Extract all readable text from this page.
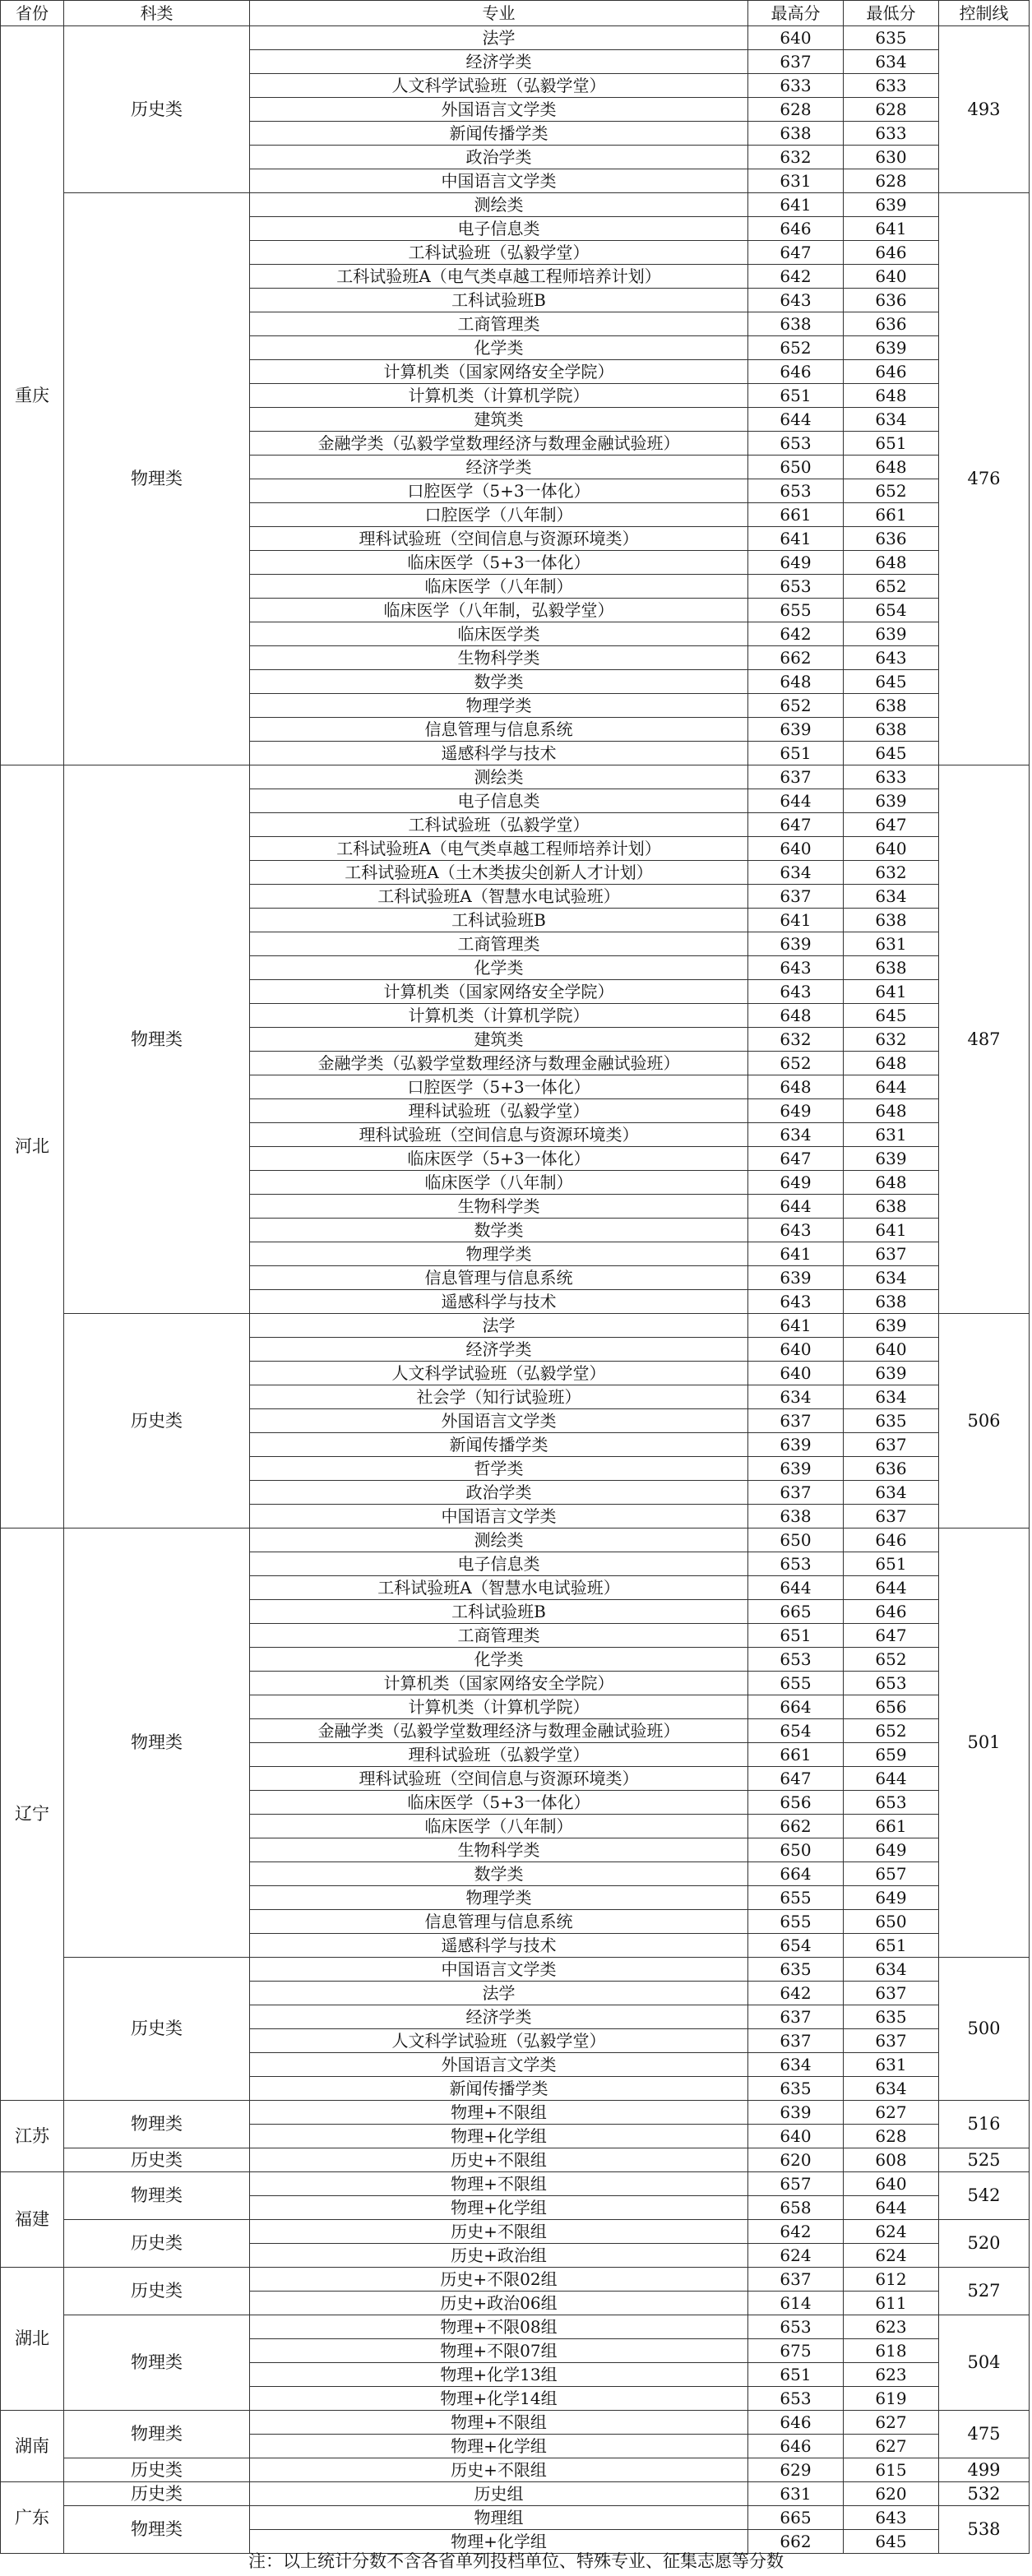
省份	科类	专业	最高分	最低分	控制线
重庆	历史类	法学	640	635	493
		经济学类	637	634	
		人文科学试验班（弘毅学堂）	633	633	
		外国语言文学类	628	628	
		新闻传播学类	638	633	
		政治学类	632	630	
		中国语言文学类	631	628	
	物理类	测绘类	641	639	476
		电子信息类	646	641	
		工科试验班（弘毅学堂）	647	646	
		工科试验班A（电气类卓越工程师培养计划）	642	640	
		工科试验班B	643	636	
		工商管理类	638	636	
		化学类	652	639	
		计算机类（国家网络安全学院）	646	646	
		计算机类（计算机学院）	651	648	
		建筑类	644	634	
		金融学类（弘毅学堂数理经济与数理金融试验班）	653	651	
		经济学类	650	648	
		口腔医学（5+3一体化）	653	652	
		口腔医学（八年制）	661	661	
		理科试验班（空间信息与资源环境类）	641	636	
		临床医学（5+3一体化）	649	648	
		临床医学（八年制）	653	652	
		临床医学（八年制，弘毅学堂）	655	654	
		临床医学类	642	639	
		生物科学类	662	643	
		数学类	648	645	
		物理学类	652	638	
		信息管理与信息系统	639	638	
		遥感科学与技术	651	645	
河北	物理类	测绘类	637	633	487
		电子信息类	644	639	
		工科试验班（弘毅学堂）	647	647	
		工科试验班A（电气类卓越工程师培养计划）	640	640	
		工科试验班A（土木类拔尖创新人才计划）	634	632	
		工科试验班A（智慧水电试验班）	637	634	
		工科试验班B	641	638	
		工商管理类	639	631	
		化学类	643	638	
		计算机类（国家网络安全学院）	643	641	
		计算机类（计算机学院）	648	645	
		建筑类	632	632	
		金融学类（弘毅学堂数理经济与数理金融试验班）	652	648	
		口腔医学（5+3一体化）	648	644	
		理科试验班（弘毅学堂）	649	648	
		理科试验班（空间信息与资源环境类）	634	631	
		临床医学（5+3一体化）	647	639	
		临床医学（八年制）	649	648	
		生物科学类	644	638	
		数学类	643	641	
		物理学类	641	637	
		信息管理与信息系统	639	634	
		遥感科学与技术	643	638	
	历史类	法学	641	639	506
		经济学类	640	640	
		人文科学试验班（弘毅学堂）	640	639	
		社会学（知行试验班）	634	634	
		外国语言文学类	637	635	
		新闻传播学类	639	637	
		哲学类	639	636	
		政治学类	637	634	
		中国语言文学类	638	637	
辽宁	物理类	测绘类	650	646	501
		电子信息类	653	651	
		工科试验班A（智慧水电试验班）	644	644	
		工科试验班B	665	646	
		工商管理类	651	647	
		化学类	653	652	
		计算机类（国家网络安全学院）	655	653	
		计算机类（计算机学院）	664	656	
		金融学类（弘毅学堂数理经济与数理金融试验班）	654	652	
		理科试验班（弘毅学堂）	661	659	
		理科试验班（空间信息与资源环境类）	647	644	
		临床医学（5+3一体化）	656	653	
		临床医学（八年制）	662	661	
		生物科学类	650	649	
		数学类	664	657	
		物理学类	655	649	
		信息管理与信息系统	655	650	
		遥感科学与技术	654	651	
	历史类	中国语言文学类	635	634	500
		法学	642	637	
		经济学类	637	635	
		人文科学试验班（弘毅学堂）	637	637	
		外国语言文学类	634	631	
		新闻传播学类	635	634	
江苏	物理类	物理+不限组	639	627	516
		物理+化学组	640	628	
	历史类	历史+不限组	620	608	525
福建	物理类	物理+不限组	657	640	542
		物理+化学组	658	644	
	历史类	历史+不限组	642	624	520
		历史+政治组	624	624	
湖北	历史类	历史+不限02组	637	612	527
		历史+政治06组	614	611	
	物理类	物理+不限08组	653	623	504
		物理+不限07组	675	618	
		物理+化学13组	651	623	
		物理+化学14组	653	619	
湖南	物理类	物理+不限组	646	627	475
		物理+化学组	646	627	
	历史类	历史+不限组	629	615	499
广东	历史类	历史组	631	620	532
	物理类	物理组	665	643	538
		物理+化学组	662	645	
注：以上统计分数不含各省单列投档单位、特殊专业、征集志愿等分数
